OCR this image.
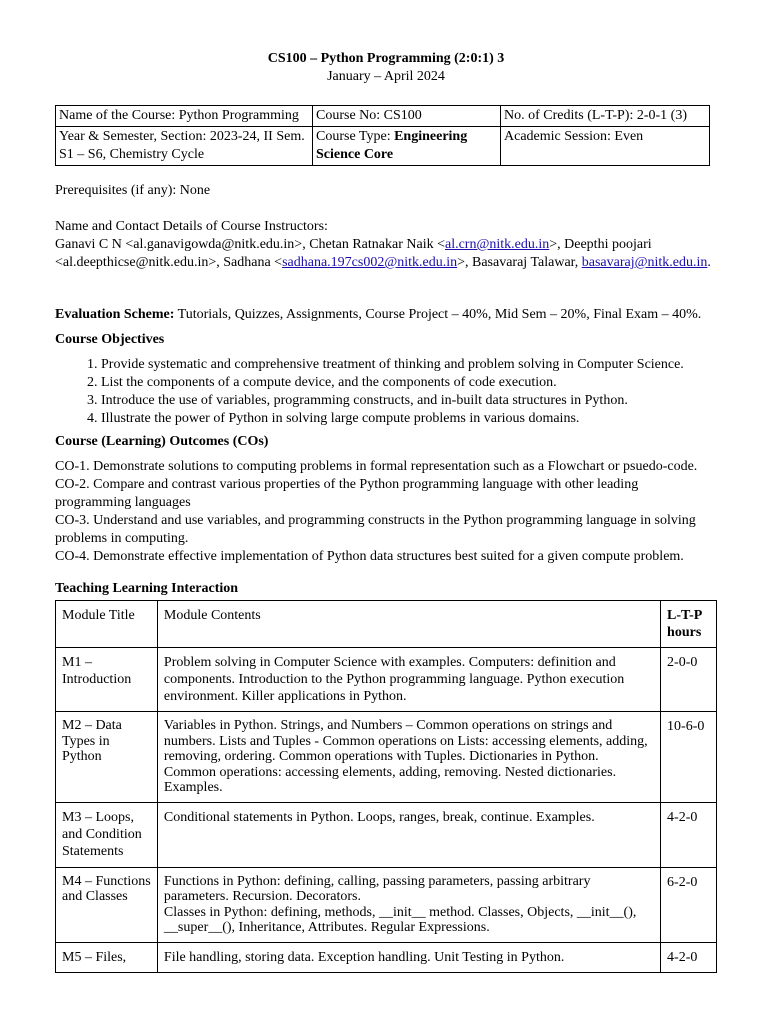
CS100 – Python Programming (2:0:1) 3
January – April 2024
Name of the Course: Python Programming	Course No: CS100	No. of Credits (L-T-P): 2-0-1 (3)
Year & Semester, Section: 2023-24, II Sem. S1 – S6, Chemistry Cycle	Course Type: Engineering Science Core	Academic Session: Even
Prerequisites (if any): None
Name and Contact Details of Course Instructors:
Ganavi C N <al.ganavigowda@nitk.edu.in>, Chetan Ratnakar Naik <al.crn@nitk.edu.in>, Deepthi poojari <al.deepthicse@nitk.edu.in>, Sadhana <sadhana.197cs002@nitk.edu.in>, Basavaraj Talawar, basavaraj@nitk.edu.in.
Evaluation Scheme: Tutorials, Quizzes, Assignments, Course Project – 40%, Mid Sem – 20%, Final Exam – 40%.
Course Objectives
1. Provide systematic and comprehensive treatment of thinking and problem solving in Computer Science.
2. List the components of a compute device, and the components of code execution.
3. Introduce the use of variables, programming constructs, and in-built data structures in Python.
4. Illustrate the power of Python in solving large compute problems in various domains.
Course (Learning) Outcomes (COs)
CO-1. Demonstrate solutions to computing problems in formal representation such as a Flowchart or psuedo-code.
CO-2. Compare and contrast various properties of the Python programming language with other leading programming languages
CO-3. Understand and use variables, and programming constructs in the Python programming language in solving problems in computing.
CO-4. Demonstrate effective implementation of Python data structures best suited for a given compute problem.
Teaching Learning Interaction
Module Title	Module Contents	L-T-P hours
M1 – Introduction	Problem solving in Computer Science with examples. Computers: definition and components. Introduction to the Python programming language. Python execution environment. Killer applications in Python.	2-0-0
M2 – Data Types in Python	Variables in Python. Strings, and Numbers – Common operations on strings and numbers. Lists and Tuples - Common operations on Lists: accessing elements, adding, removing, ordering. Common operations with Tuples. Dictionaries in Python. Common operations: accessing elements, adding, removing. Nested dictionaries. Examples.	10-6-0
M3 – Loops, and Condition Statements	Conditional statements in Python. Loops, ranges, break, continue. Examples.	4-2-0
M4 – Functions and Classes	Functions in Python: defining, calling, passing parameters, passing arbitrary parameters. Recursion. Decorators.
Classes in Python: defining, methods, __init__ method. Classes, Objects, __init__(), __super__(), Inheritance, Attributes. Regular Expressions.	6-2-0
M5 – Files,	File handling, storing data. Exception handling. Unit Testing in Python.	4-2-0
